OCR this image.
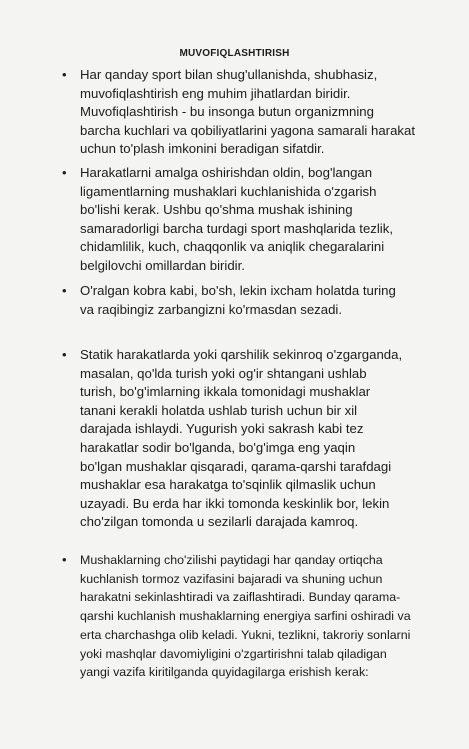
MUVOFIQLASHTIRISH
•	Har qanday sport bilan shug'ullanishda, shubhasiz,
muvofiqlashtirish eng muhim jihatlardan biridir.
Muvofiqlashtirish - bu insonga butun organizmning
barcha kuchlari va qobiliyatlarini yagona samarali harakat
uchun to'plash imkonini beradigan sifatdir.
•	Harakatlarni amalga oshirishdan oldin, bog'langan
ligamentlarning mushaklari kuchlanishida o'zgarish
bo'lishi kerak. Ushbu qo'shma mushak ishining
samaradorligi barcha turdagi sport mashqlarida tezlik,
chidamlilik, kuch, chaqqonlik va aniqlik chegaralarini
belgilovchi omillardan biridir.
•	O'ralgan kobra kabi, bo'sh, lekin ixcham holatda turing
va raqibingiz zarbangizni ko'rmasdan sezadi.
•	Statik harakatlarda yoki qarshilik sekinroq o'zgarganda,
masalan, qo'lda turish yoki og'ir shtangani ushlab
turish, bo'g'imlarning ikkala tomonidagi mushaklar
tanani kerakli holatda ushlab turish uchun bir xil
darajada ishlaydi. Yugurish yoki sakrash kabi tez
harakatlar sodir bo'lganda, bo'g'imga eng yaqin
bo'lgan mushaklar qisqaradi, qarama-qarshi tarafdagi
mushaklar esa harakatga to'sqinlik qilmaslik uchun
uzayadi. Bu erda har ikki tomonda keskinlik bor, lekin
cho'zilgan tomonda u sezilarli darajada kamroq.
•	Mushaklarning cho'zilishi paytidagi har qanday ortiqcha
kuchlanish tormoz vazifasini bajaradi va shuning uchun
harakatni sekinlashtiradi va zaiflashtiradi. Bunday qarama-
qarshi kuchlanish mushaklarning energiya sarfini oshiradi va
erta charchashga olib keladi. Yukni, tezlikni, takroriy sonlarni
yoki mashqlar davomiyligini o'zgartirishni talab qiladigan
yangi vazifa kiritilganda quyidagilarga erishish kerak:
